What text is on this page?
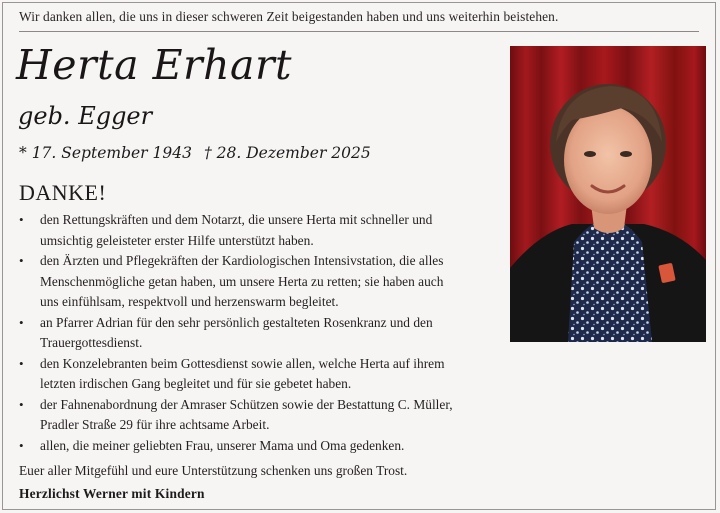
Wir danken allen, die uns in dieser schweren Zeit beigestanden haben und uns weiterhin beistehen.
Herta Erhart
geb. Egger
* 17. September 1943 † 28. Dezember 2025
DANKE!
• den Rettungskräften und dem Notarzt, die unsere Herta mit schneller und
umsichtig geleisteter erster Hilfe unterstützt haben.
• den Ärzten und Pflegekräften der Kardiologischen Intensivstation, die alles
Menschenmögliche getan haben, um unsere Herta zu retten; sie haben auch
uns einfühlsam, respektvoll und herzenswarm begleitet.
• an Pfarrer Adrian für den sehr persönlich gestalteten Rosenkranz und den
Trauergottesdienst.
• den Konzelebranten beim Gottesdienst sowie allen, welche Herta auf ihrem
letzten irdischen Gang begleitet und für sie gebetet haben.
• der Fahnenabordnung der Amraser Schützen sowie der Bestattung C. Müller,
Pradler Straße 29 für ihre achtsame Arbeit.
• allen, die meiner geliebten Frau, unserer Mama und Oma gedenken.
Euer aller Mitgefühl und eure Unterstützung schenken uns großen Trost.
Herzlichst Werner mit Kindern
